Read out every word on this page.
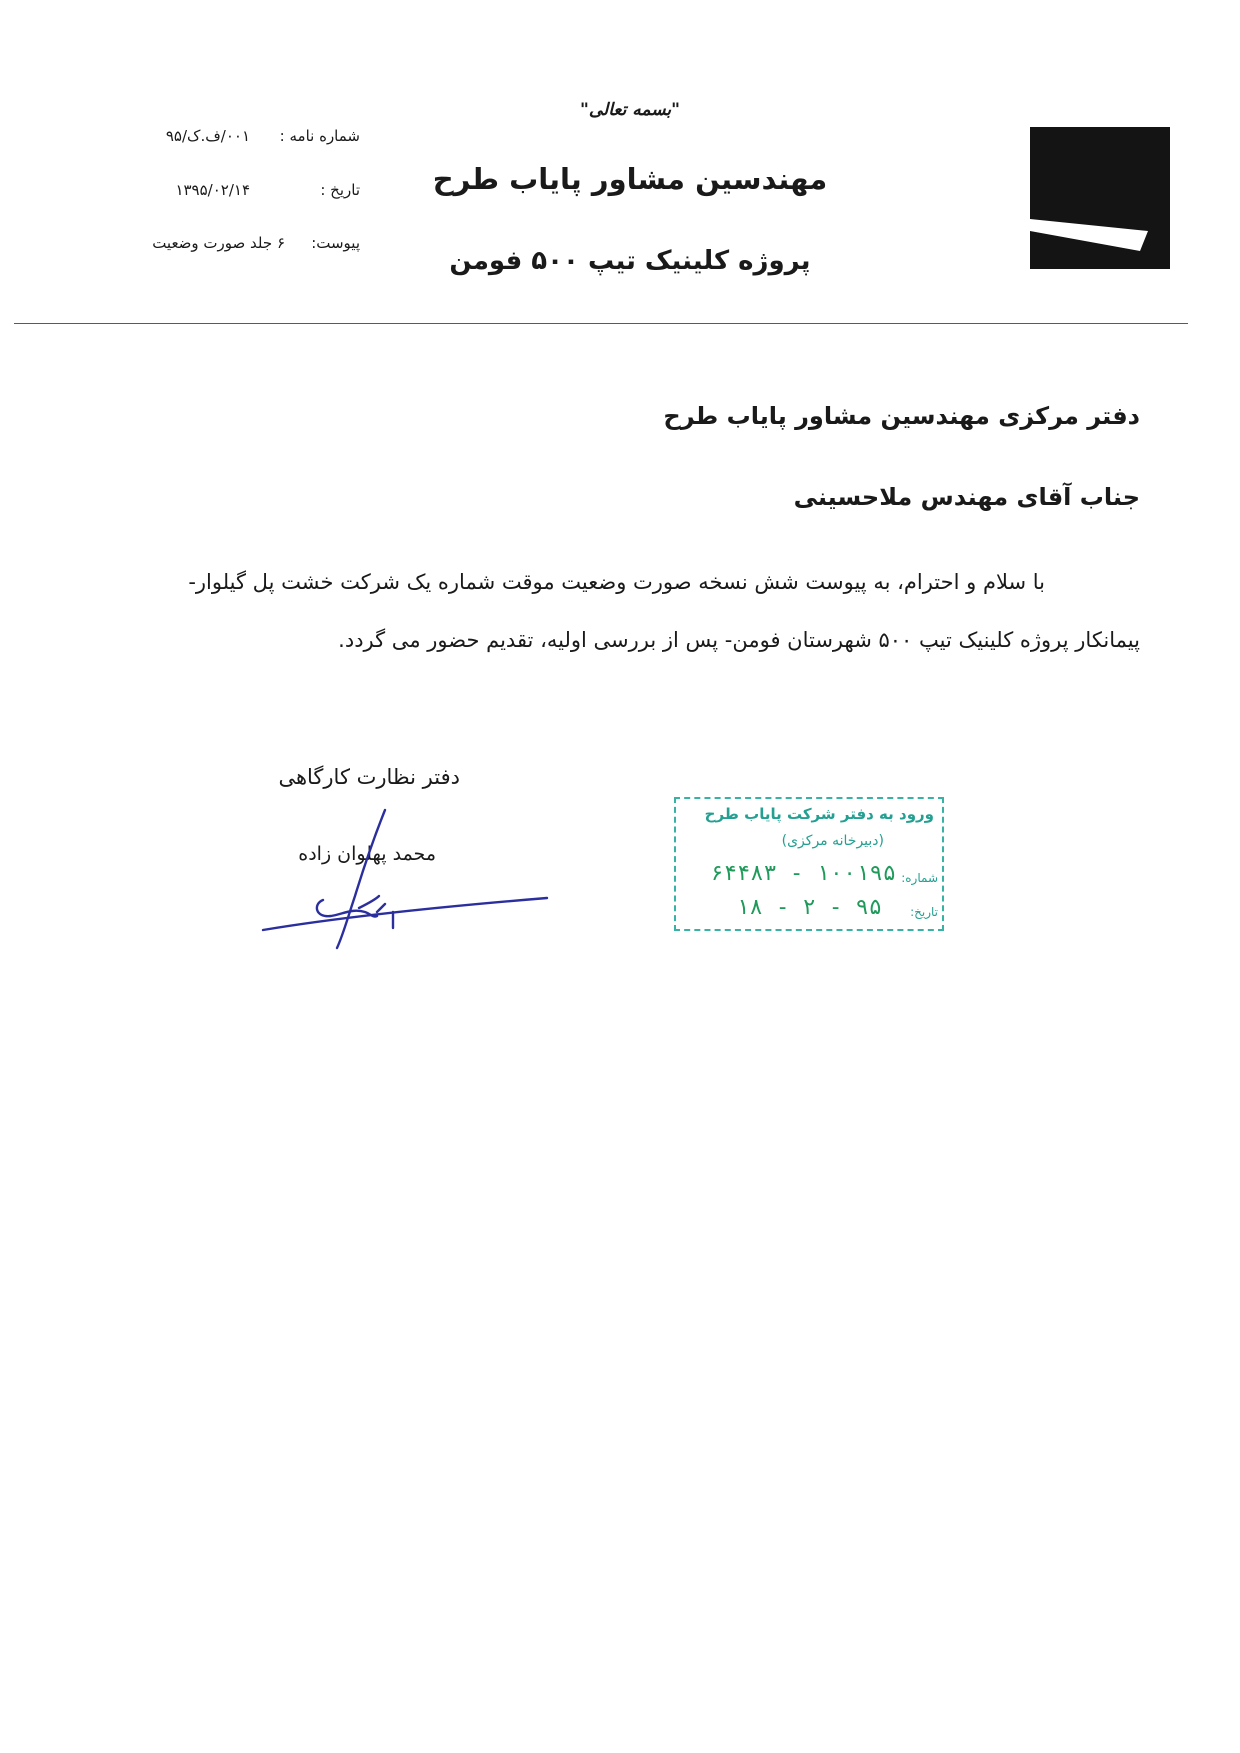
"بسمه تعالی"
مهندسین مشاور پایاب طرح
پروژه کلینیک تیپ ۵۰۰ فومن
شماره نامه :
۰۰۱/ف.ک/۹۵
تاریخ :
۱۳۹۵/۰۲/۱۴
پیوست:
۶ جلد صورت وضعیت
دفتر مرکزی مهندسین مشاور پایاب طرح
جناب آقای مهندس ملاحسینی
با سلام و احترام، به پیوست شش نسخه صورت وضعیت موقت شماره یک شرکت خشت پل گیلوار-
پیمانکار پروژه کلینیک تیپ ۵۰۰ شهرستان فومن- پس از بررسی اولیه، تقدیم حضور می گردد.
دفتر نظارت کارگاهی
محمد پهلوان زاده
ورود به دفتر شرکت پایاب طرح
(دبیرخانه مرکزی)
شماره:
۱۰۰۱۹۵ - ۶۴۴۸۳
تاریخ:
۹۵ - ۲ - ۱۸
